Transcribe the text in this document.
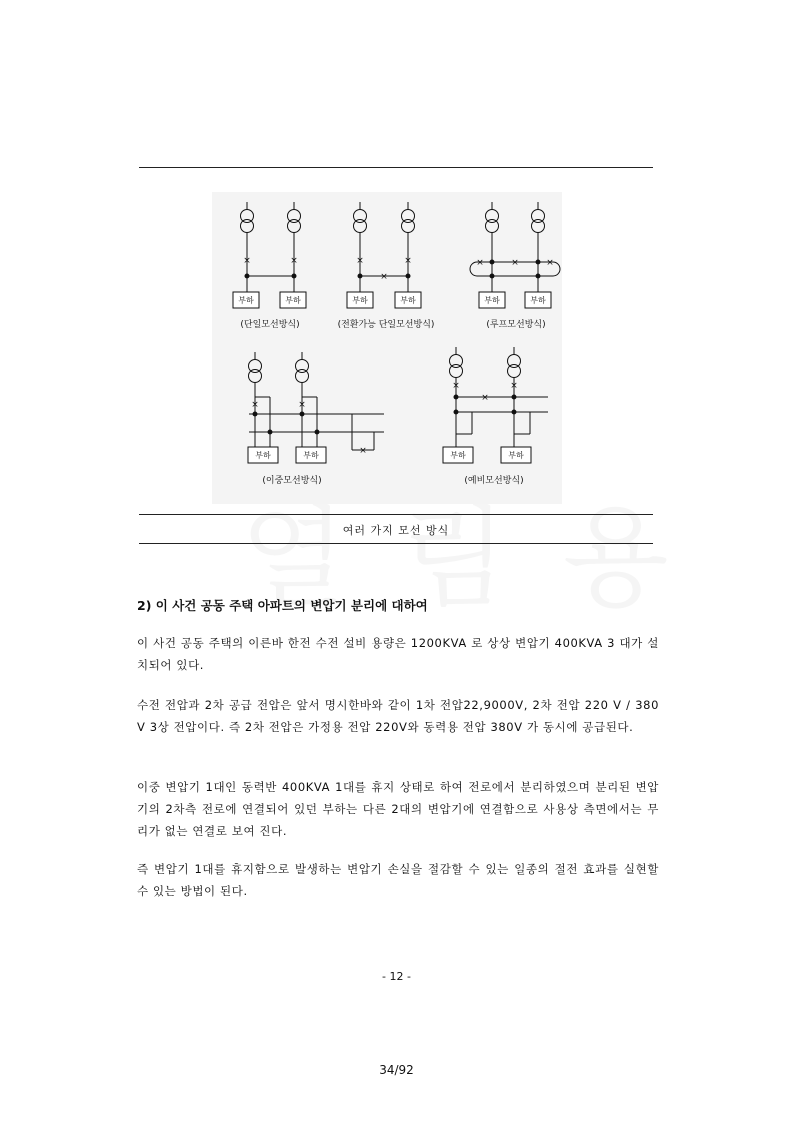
×	×
부하	부하
(단일모선방식)
×	×
×
부하	부하
(전환가능 단일모선방식)
×
×	×
부하	부하
(루프모선방식)
×
×	×
부하	부하
(이중모선방식)
×
×	×
부하	부하
(예비모선방식)
여러 가지 모선 방식
2) 이 사건 공동 주택 아파트의 변압기 분리에 대하여
이 사건 공동 주택의 이른바 한전 수전 설비 용량은 1200KVA 로 상상 변압기 400KVA 3 대가 설치되어 있다.
수전 전압과 2차 공급 전압은 앞서 명시한바와 같이 1차 전압22,9000V, 2차 전압 220 V / 380 V 3상 전압이다. 즉 2차 전압은 가정용 전압 220V와 동력용 전압 380V 가 동시에 공급된다.
이중 변압기 1대인 동력반 400KVA 1대를 휴지 상태로 하여 전로에서 분리하였으며 분리된 변압기의 2차측 전로에 연결되어 있던 부하는 다른 2대의 변압기에 연결함으로 사용상 측면에서는 무리가 없는 연결로 보여 진다.
즉 변압기 1대를 휴지함으로 발생하는 변압기 손실을 절감할 수 있는 일종의 절전 효과를 실현할 수 있는 방법이 된다.
- 12 -
34/92
